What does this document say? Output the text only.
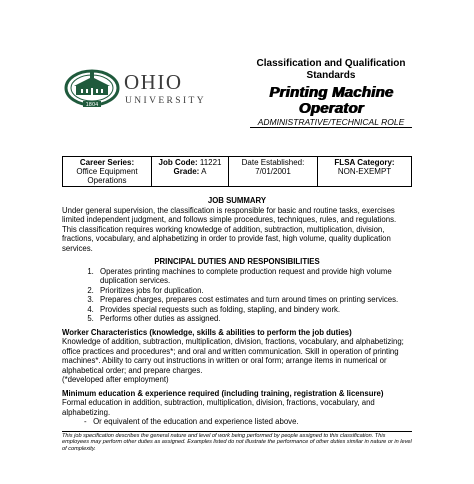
1804
OHIO
UNIVERSITY
Classification and Qualification
Standards
Printing Machine Operator
ADMINISTRATIVE/TECHNICAL ROLE
Career Series:
Office Equipment
Operations

Job Code: 11221
Grade: A

Date Established:
7/01/2001

FLSA Category:
NON-EXEMPT
JOB SUMMARY

Under general supervision, the classification is responsible for basic and routine tasks, exercises limited independent judgment, and follows simple procedures, techniques, rules, and regulations. This classification requires working knowledge of addition, subtraction, multiplication, division, fractions, vocabulary, and alphabetizing in order to provide fast, high volume, quality duplication services.

PRINCIPAL DUTIES AND RESPONSIBILITIES
1. Operates printing machines to complete production request and provide high volume duplication services.
2. Prioritizes jobs for duplication.
3. Prepares charges, prepares cost estimates and turn around times on printing services.
4. Provides special requests such as folding, stapling, and bindery work.
5. Performs other duties as assigned.
Worker Characteristics (knowledge, skills & abilities to perform the job duties)

Knowledge of addition, subtraction, multiplication, division, fractions, vocabulary, and alphabetizing; office practices and procedures*; and oral and written communication. Skill in operation of printing machines*. Ability to carry out instructions in written or oral form; arrange items in numerical or alphabetical order; and prepare charges.

(*developed after employment)

Minimum education & experience required (including training, registration & licensure)

Formal education in addition, subtraction, multiplication, division, fractions, vocabulary, and alphabetizing.

-   Or equivalent of the education and experience listed above.

This job specification describes the general nature and level of work being performed by people assigned to this classification. This employees may perform other duties as assigned. Examples listed do not illustrate the performance of other duties similar in nature or in level of complexity.
